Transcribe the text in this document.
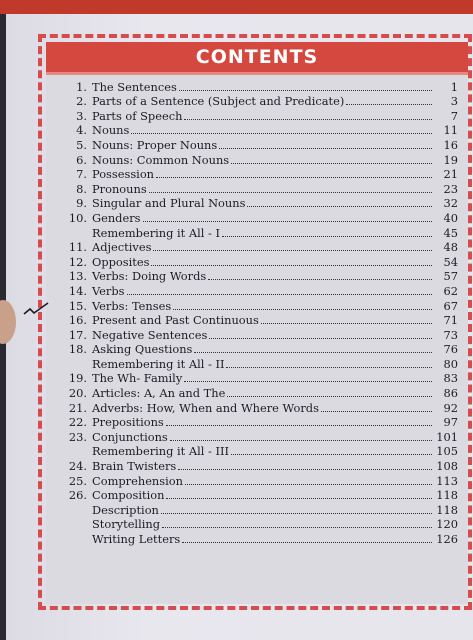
CONTENTS
1. The Sentences	1
2. Parts of a Sentence (Subject and Predicate)	3
3. Parts of Speech	7
4. Nouns	11
5. Nouns: Proper Nouns	16
6. Nouns: Common Nouns	19
7. Possession	21
8. Pronouns	23
9. Singular and Plural Nouns	32
10. Genders	40
Remembering it All - I	45
11. Adjectives	48
12. Opposites	54
13. Verbs: Doing Words	57
14. Verbs	62
15. Verbs: Tenses	67
16. Present and Past Continuous	71
17. Negative Sentences	73
18. Asking Questions	76
Remembering it All - II	80
19. The Wh- Family	83
20. Articles: A, An and The	86
21. Adverbs: How, When and Where Words	92
22. Prepositions	97
23. Conjunctions	101
Remembering it All - III	105
24. Brain Twisters	108
25. Comprehension	113
26. Composition	118
Description	118
Storytelling	120
Writing Letters	126
